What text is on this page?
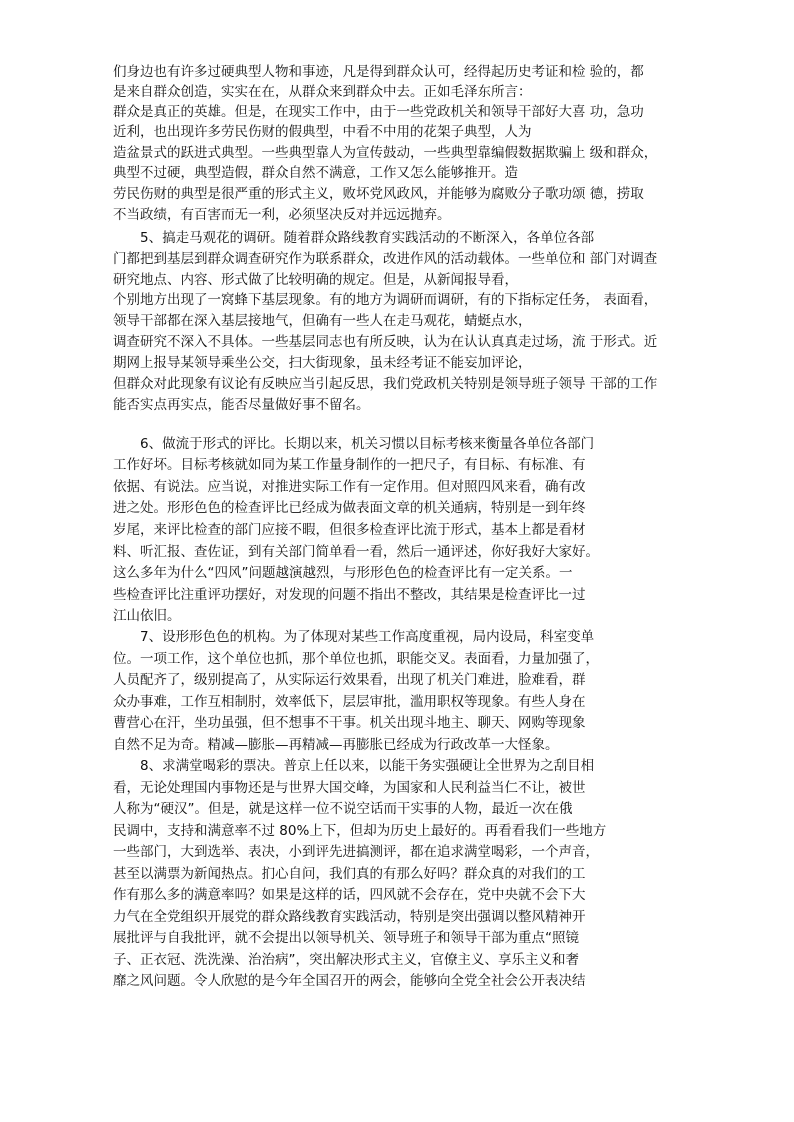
们身边也有许多过硬典型人物和事迹，凡是得到群众认可，经得起历史考证和检 验的，都
是来自群众创造，实实在在，从群众来到群众中去。正如毛泽东所言：
群众是真正的英雄。但是，在现实工作中，由于一些党政机关和领导干部好大喜 功，急功
近利，也出现许多劳民伤财的假典型，中看不中用的花架子典型，人为
造盆景式的跃进式典型。一些典型靠人为宣传鼓动，一些典型靠编假数据欺骗上 级和群众，
典型不过硬，典型造假，群众自然不满意，工作又怎么能够推开。造
劳民伤财的典型是很严重的形式主义，败坏党风政风，并能够为腐败分子歌功颂 德，捞取
不当政绩，有百害而无一利，必须坚决反对并远远抛弃。
5、搞走马观花的调研。随着群众路线教育实践活动的不断深入，各单位各部
门都把到基层到群众调查研究作为联系群众，改进作风的活动载体。一些单位和 部门对调查
研究地点、内容、形式做了比较明确的规定。但是，从新闻报导看，
个别地方出现了一窝蜂下基层现象。有的地方为调研而调研，有的下指标定任务， 表面看，
领导干部都在深入基层接地气，但确有一些人在走马观花，蜻蜓点水，
调查研究不深入不具体。一些基层同志也有所反映，认为在认认真真走过场，流 于形式。近
期网上报导某领导乘坐公交，扫大街现象，虽未经考证不能妄加评论，
但群众对此现象有议论有反映应当引起反思，我们党政机关特别是领导班子领导 干部的工作
能否实点再实点，能否尽量做好事不留名。
6、做流于形式的评比。长期以来，机关习惯以目标考核来衡量各单位各部门
工作好坏。目标考核就如同为某工作量身制作的一把尺子，有目标、有标准、有
依据、有说法。应当说，对推进实际工作有一定作用。但对照四风来看，确有改
进之处。形形色色的检查评比已经成为做表面文章的机关通病，特别是一到年终
岁尾，来评比检查的部门应接不暇，但很多检查评比流于形式，基本上都是看材
料、听汇报、查佐证，到有关部门简单看一看，然后一通评述，你好我好大家好。
这么多年为什么“四风”问题越演越烈，与形形色色的检查评比有一定关系。一
些检查评比注重评功摆好，对发现的问题不指出不整改，其结果是检查评比一过
江山依旧。
7、设形形色色的机构。为了体现对某些工作高度重视，局内设局，科室变单
位。一项工作，这个单位也抓，那个单位也抓，职能交叉。表面看，力量加强了，
人员配齐了，级别提高了，从实际运行效果看，出现了机关门难进，脸难看，群
众办事难，工作互相制肘，效率低下，层层审批，滥用职权等现象。有些人身在
曹营心在汗，坐功虽强，但不想事不干事。机关出现斗地主、聊天、网购等现象
自然不足为奇。精减—膨胀—再精减—再膨胀已经成为行政改革一大怪象。
8、求满堂喝彩的票决。普京上任以来，以能干务实强硬让全世界为之刮目相
看，无论处理国内事物还是与世界大国交峰，为国家和人民利益当仁不让，被世
人称为“硬汉”。但是，就是这样一位不说空话而干实事的人物，最近一次在俄
民调中，支持和满意率不过 80%上下，但却为历史上最好的。再看看我们一些地方
一些部门，大到选举、表决，小到评先进搞测评，都在追求满堂喝彩，一个声音，
甚至以满票为新闻热点。扪心自问，我们真的有那么好吗？群众真的对我们的工
作有那么多的满意率吗？如果是这样的话，四风就不会存在，党中央就不会下大
力气在全党组织开展党的群众路线教育实践活动，特别是突出强调以整风精神开
展批评与自我批评，就不会提出以领导机关、领导班子和领导干部为重点“照镜
子、正衣冠、洗洗澡、治治病”，突出解决形式主义，官僚主义、享乐主义和奢
靡之风问题。令人欣慰的是今年全国召开的两会，能够向全党全社会公开表决结
